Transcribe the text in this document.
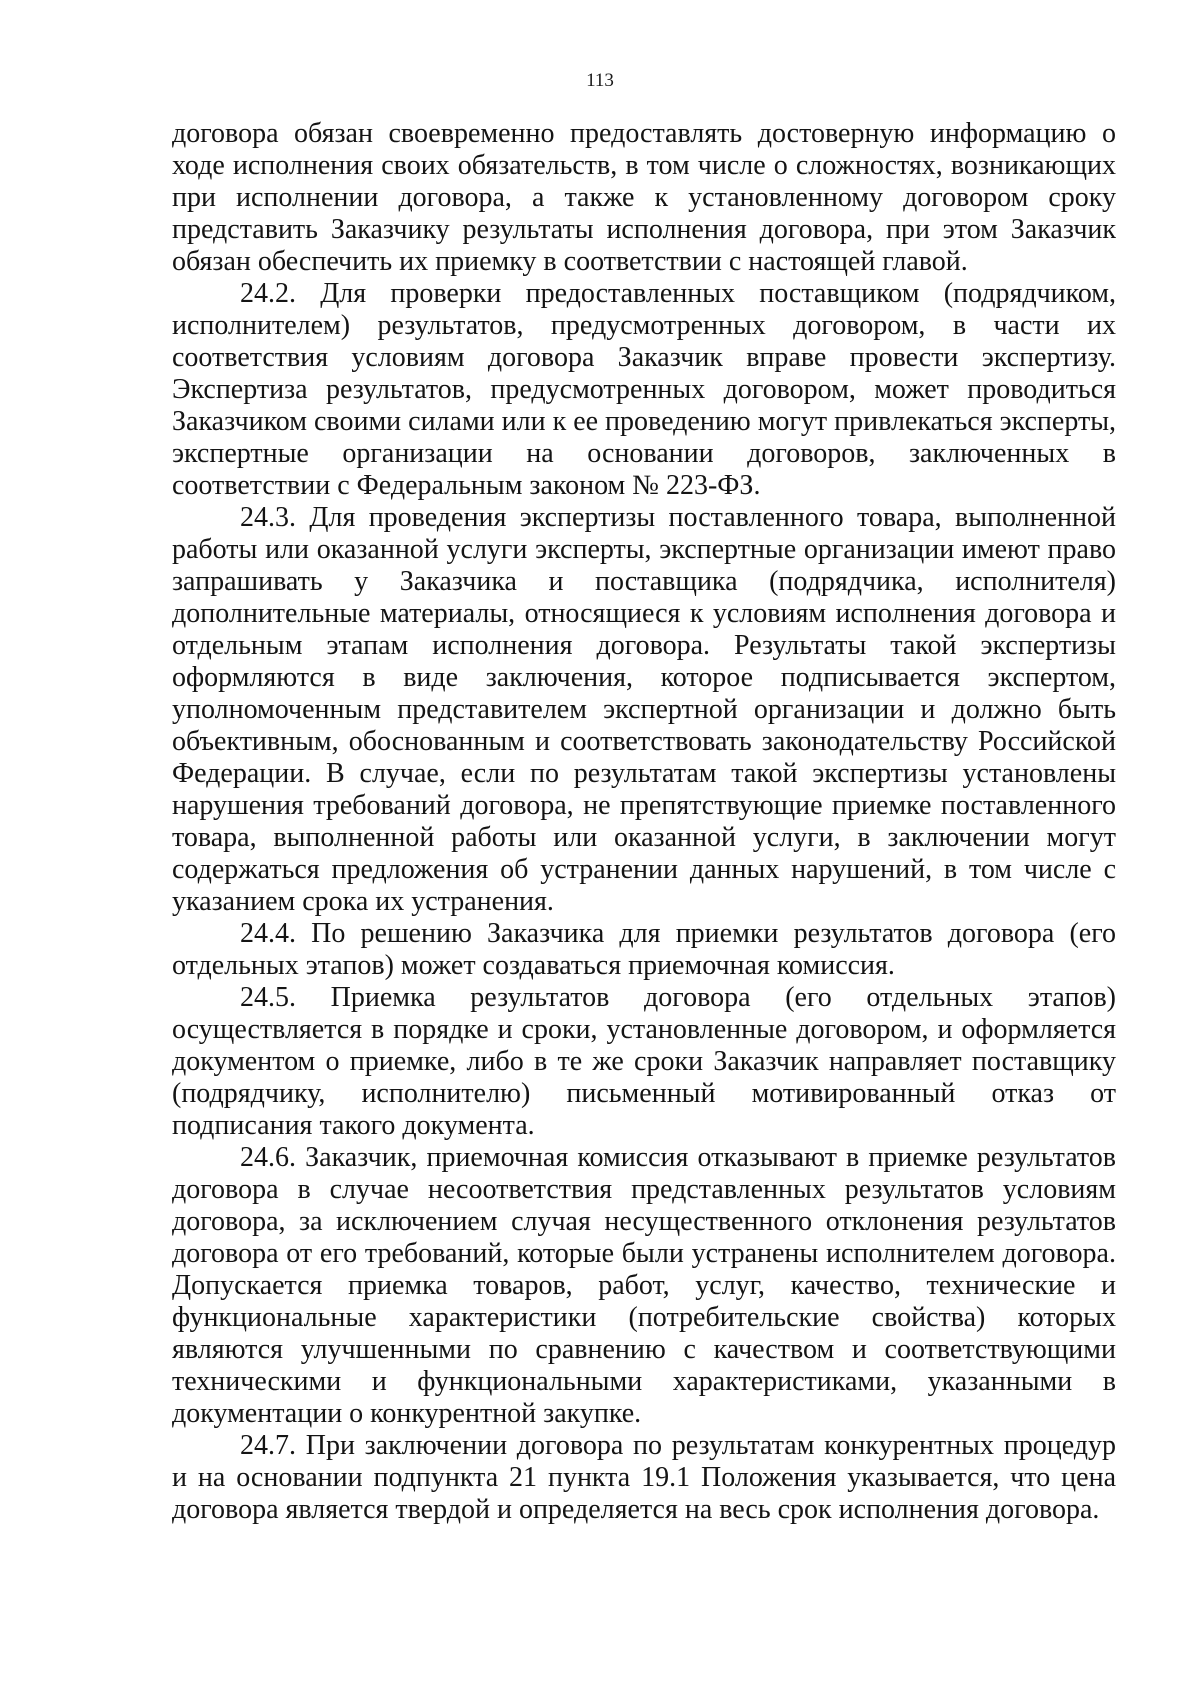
113

договора обязан своевременно предоставлять достоверную информацию о ходе исполнения своих обязательств, в том числе о сложностях, возникающих при исполнении договора, а также к установленному договором сроку представить Заказчику результаты исполнения договора, при этом Заказчик обязан обеспечить их приемку в соответствии с настоящей главой.

24.2. Для проверки предоставленных поставщиком (подрядчиком, исполнителем) результатов, предусмотренных договором, в части их соответствия условиям договора Заказчик вправе провести экспертизу. Экспертиза результатов, предусмотренных договором, может проводиться Заказчиком своими силами или к ее проведению могут привлекаться эксперты, экспертные организации на основании договоров, заключенных в соответствии с Федеральным законом № 223-ФЗ.

24.3. Для проведения экспертизы поставленного товара, выполненной работы или оказанной услуги эксперты, экспертные организации имеют право запрашивать у Заказчика и поставщика (подрядчика, исполнителя) дополнительные материалы, относящиеся к условиям исполнения договора и отдельным этапам исполнения договора. Результаты такой экспертизы оформляются в виде заключения, которое подписывается экспертом, уполномоченным представителем экспертной организации и должно быть объективным, обоснованным и соответствовать законодательству Российской Федерации. В случае, если по результатам такой экспертизы установлены нарушения требований договора, не препятствующие приемке поставленного товара, выполненной работы или оказанной услуги, в заключении могут содержаться предложения об устранении данных нарушений, в том числе с указанием срока их устранения.

24.4. По решению Заказчика для приемки результатов договора (его отдельных этапов) может создаваться приемочная комиссия.

24.5. Приемка результатов договора (его отдельных этапов) осуществляется в порядке и сроки, установленные договором, и оформляется документом о приемке, либо в те же сроки Заказчик направляет поставщику (подрядчику, исполнителю) письменный мотивированный отказ от подписания такого документа.

24.6. Заказчик, приемочная комиссия отказывают в приемке результатов договора в случае несоответствия представленных результатов условиям договора, за исключением случая несущественного отклонения результатов договора от его требований, которые были устранены исполнителем договора. Допускается приемка товаров, работ, услуг, качество, технические и функциональные характеристики (потребительские свойства) которых являются улучшенными по сравнению с качеством и соответствующими техническими и функциональными характеристиками, указанными в документации о конкурентной закупке.

24.7. При заключении договора по результатам конкурентных процедур и на основании подпункта 21 пункта 19.1 Положения указывается, что цена договора является твердой и определяется на весь срок исполнения договора.
